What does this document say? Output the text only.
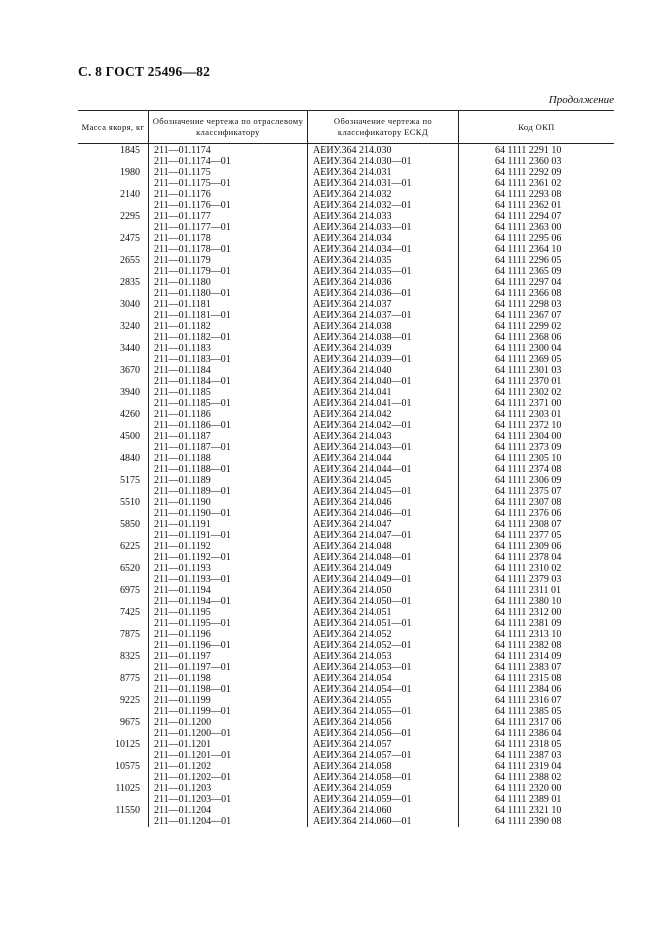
С. 8 ГОСТ 25496—82
Продолжение
Масса якоря, кг
Обозначение чертежа по отраслевому классификатору
Обозначение чертежа по классификатору ЕСКД
Код ОКП
1845	211—01.1174	АЕИУ.364 214.030	64 1111 2291 10
211—01.1174—01	АЕИУ.364 214.030—01	64 1111 2360 03
1980	211—01.1175	АЕИУ.364 214.031	64 1111 2292 09
211—01.1175—01	АЕИУ.364 214.031—01	64 1111 2361 02
2140	211—01.1176	АЕИУ.364 214.032	64 1111 2293 08
211—01.1176—01	АЕИУ.364 214.032—01	64 1111 2362 01
2295	211—01.1177	АЕИУ.364 214.033	64 1111 2294 07
211—01.1177—01	АЕИУ.364 214.033—01	64 1111 2363 00
2475	211—01.1178	АЕИУ.364 214.034	64 1111 2295 06
211—01.1178—01	АЕИУ.364 214.034—01	64 1111 2364 10
2655	211—01.1179	АЕИУ.364 214.035	64 1111 2296 05
211—01.1179—01	АЕИУ.364 214.035—01	64 1111 2365 09
2835	211—01.1180	АЕИУ.364 214.036	64 1111 2297 04
211—01.1180—01	АЕИУ.364 214.036—01	64 1111 2366 08
3040	211—01.1181	АЕИУ.364 214.037	64 1111 2298 03
211—01.1181—01	АЕИУ.364 214.037—01	64 1111 2367 07
3240	211—01.1182	АЕИУ.364 214.038	64 1111 2299 02
211—01.1182—01	АЕИУ.364 214.038—01	64 1111 2368 06
3440	211—01.1183	АЕИУ.364 214.039	64 1111 2300 04
211—01.1183—01	АЕИУ.364 214.039—01	64 1111 2369 05
3670	211—01.1184	АЕИУ.364 214.040	64 1111 2301 03
211—01.1184—01	АЕИУ.364 214.040—01	64 1111 2370 01
3940	211—01.1185	АЕИУ.364 214.041	64 1111 2302 02
211—01.1185—01	АЕИУ.364 214.041—01	64 1111 2371 00
4260	211—01.1186	АЕИУ.364 214.042	64 1111 2303 01
211—01.1186—01	АЕИУ.364 214.042—01	64 1111 2372 10
4500	211—01.1187	АЕИУ.364 214.043	64 1111 2304 00
211—01.1187—01	АЕИУ.364 214.043—01	64 1111 2373 09
4840	211—01.1188	АЕИУ.364 214.044	64 1111 2305 10
211—01.1188—01	АЕИУ.364 214.044—01	64 1111 2374 08
5175	211—01.1189	АЕИУ.364 214.045	64 1111 2306 09
211—01.1189—01	АЕИУ.364 214.045—01	64 1111 2375 07
5510	211—01.1190	АЕИУ.364 214.046	64 1111 2307 08
211—01.1190—01	АЕИУ.364 214.046—01	64 1111 2376 06
5850	211—01.1191	АЕИУ.364 214.047	64 1111 2308 07
211—01.1191—01	АЕИУ.364 214.047—01	64 1111 2377 05
6225	211—01.1192	АЕИУ.364 214.048	64 1111 2309 06
211—01.1192—01	АЕИУ.364 214.048—01	64 1111 2378 04
6520	211—01.1193	АЕИУ.364 214.049	64 1111 2310 02
211—01.1193—01	АЕИУ.364 214.049—01	64 1111 2379 03
6975	211—01.1194	АЕИУ.364 214.050	64 1111 2311 01
211—01.1194—01	АЕИУ.364 214.050—01	64 1111 2380 10
7425	211—01.1195	АЕИУ.364 214.051	64 1111 2312 00
211—01.1195—01	АЕИУ.364 214.051—01	64 1111 2381 09
7875	211—01.1196	АЕИУ.364 214.052	64 1111 2313 10
211—01.1196—01	АЕИУ.364 214.052—01	64 1111 2382 08
8325	211—01.1197	АЕИУ.364 214.053	64 1111 2314 09
211—01.1197—01	АЕИУ.364 214.053—01	64 1111 2383 07
8775	211—01.1198	АЕИУ.364 214.054	64 1111 2315 08
211—01.1198—01	АЕИУ.364 214.054—01	64 1111 2384 06
9225	211—01.1199	АЕИУ.364 214.055	64 1111 2316 07
211—01.1199—01	АЕИУ.364 214.055—01	64 1111 2385 05
9675	211—01.1200	АЕИУ.364 214.056	64 1111 2317 06
211—01.1200—01	АЕИУ.364 214.056—01	64 1111 2386 04
10125	211—01.1201	АЕИУ.364 214.057	64 1111 2318 05
211—01.1201—01	АЕИУ.364 214.057—01	64 1111 2387 03
10575	211—01.1202	АЕИУ.364 214.058	64 1111 2319 04
211—01.1202—01	АЕИУ.364 214.058—01	64 1111 2388 02
11025	211—01.1203	АЕИУ.364 214.059	64 1111 2320 00
211—01.1203—01	АЕИУ.364 214.059—01	64 1111 2389 01
11550	211—01.1204	АЕИУ.364 214.060	64 1111 2321 10
211—01.1204—01	АЕИУ.364 214.060—01	64 1111 2390 08
